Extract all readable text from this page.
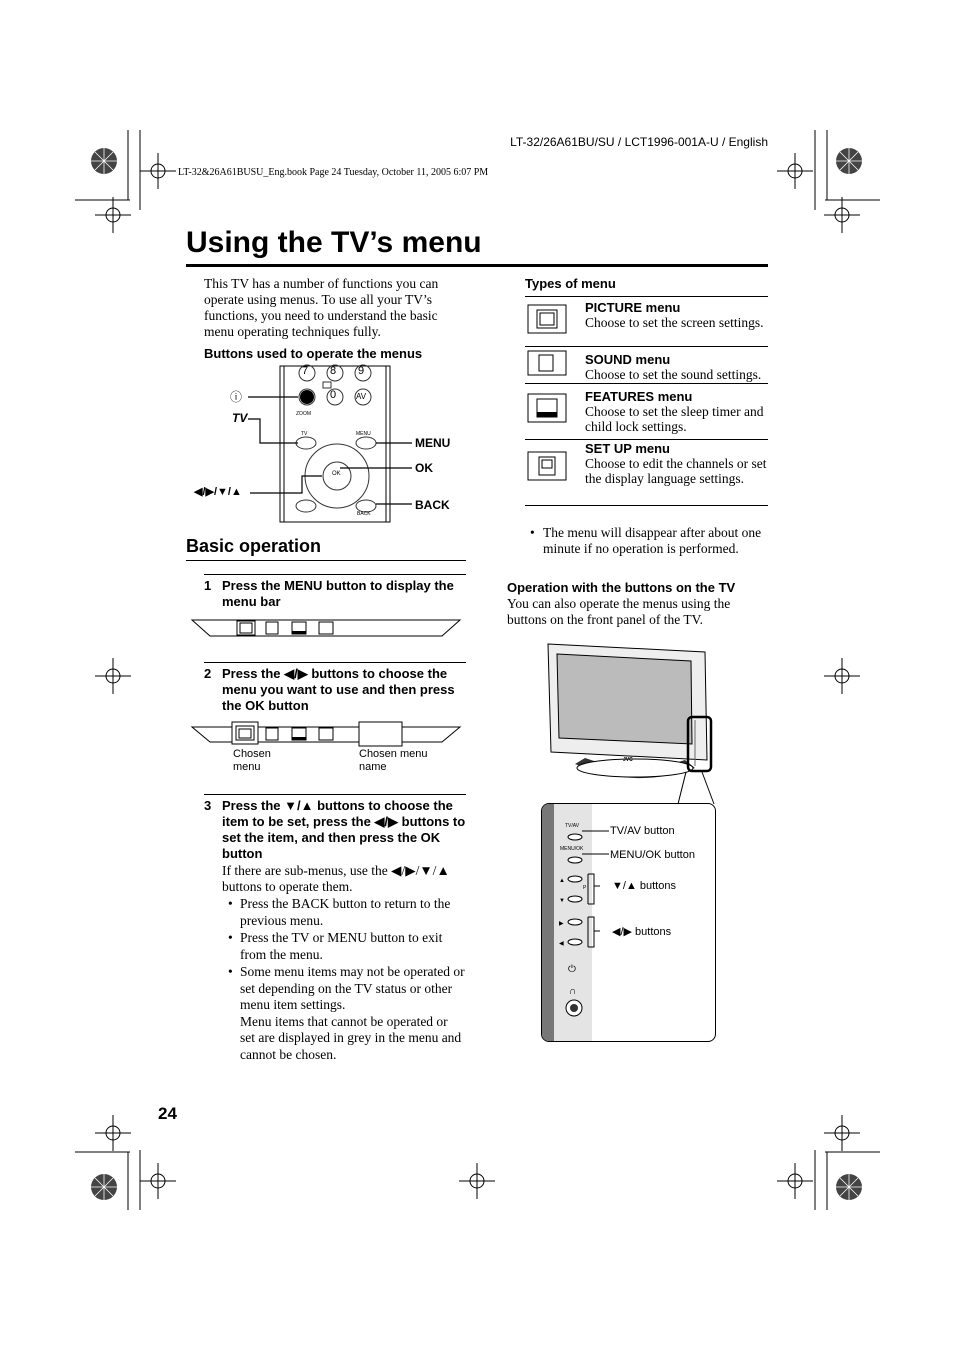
LT-32/26A61BU/SU / LCT1996-001A-U / English
LT-32&26A61BUSU_Eng.book Page 24 Tuesday, October 11, 2005 6:07 PM
Using the TV’s menu
This TV has a number of functions you can operate using menus. To use all your TV’s functions, you need to understand the basic menu operating techniques fully.
Buttons used to operate the menus
ⓘ
7 8 9
0 AV
ZOOM
TV	MENU
OK
BACK
TV
◀/▶/▼/▲
MENU
OK
BACK
Basic operation
1 Press the MENU button to display the menu bar
2 Press the ◀/▶ buttons to choose the menu you want to use and then press the OK button
Chosen menu
Chosen menu name
3 Press the ▼/▲ buttons to choose the item to be set, press the ◀/▶ buttons to set the item, and then press the OK button
If there are sub-menus, use the ◀/▶/▼/▲ buttons to operate them.
• Press the BACK button to return to the previous menu.
• Press the TV or MENU button to exit from the menu.
• Some menu items may not be operated or set depending on the TV status or other menu item settings.
Menu items that cannot be operated or set are displayed in grey in the menu and cannot be chosen.
Types of menu
PICTURE menu
Choose to set the screen settings.
SOUND menu
Choose to set the sound settings.
FEATURES menu
Choose to set the sleep timer and child lock settings.
SET UP menu
Choose to edit the channels or set the display language settings.
• The menu will disappear after about one minute if no operation is performed.
Operation with the buttons on the TV
You can also operate the menus using the buttons on the front panel of the TV.
JVC
⏻
∩
▲
▼
▶
◀
TV/AV
MENU/OK
P
TV/AV button
MENU/OK button
▼/▲ buttons
◀/▶ buttons
24
